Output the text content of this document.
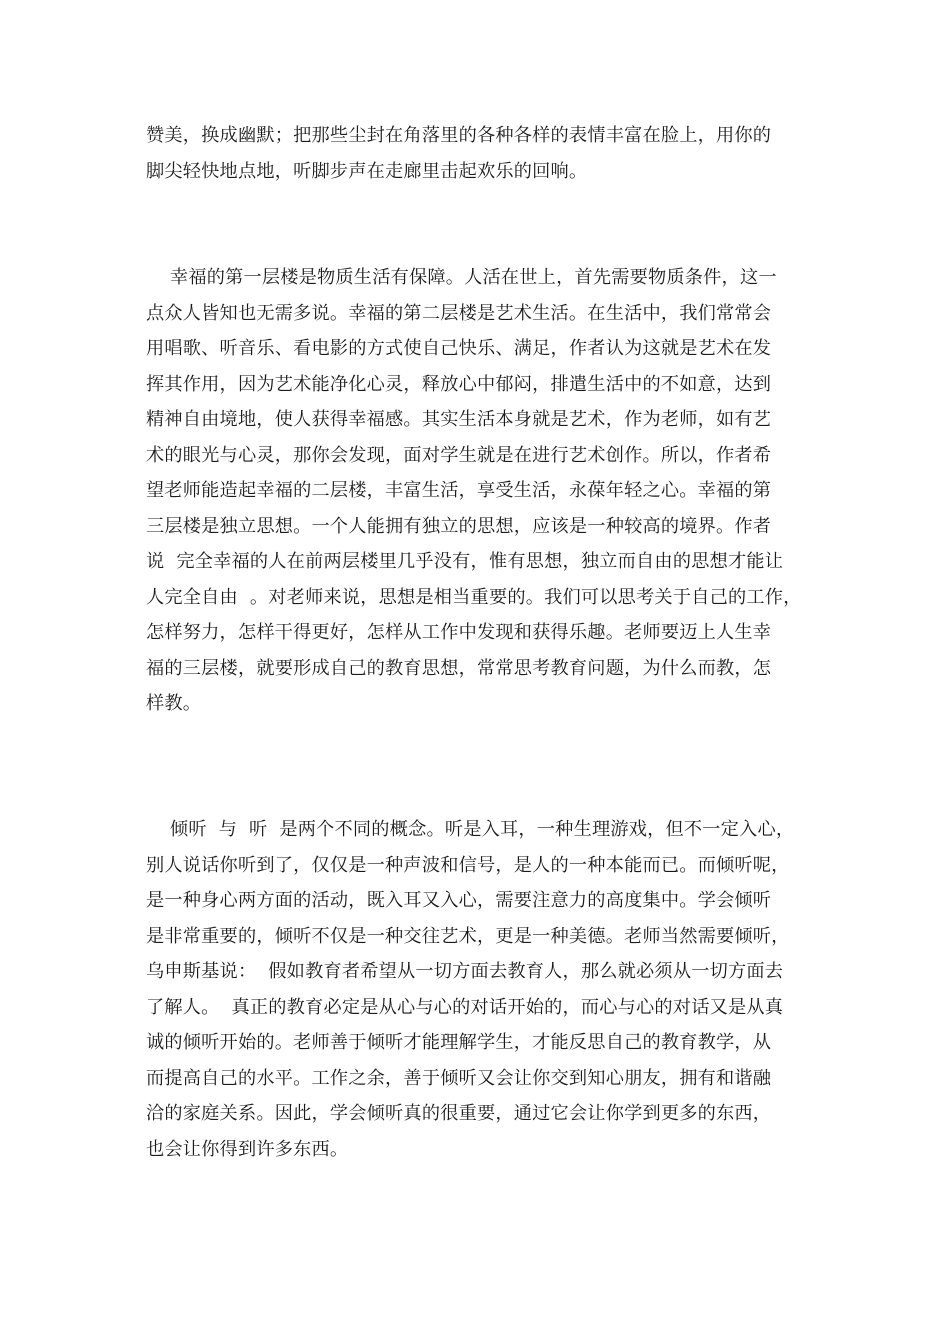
赞美，换成幽默；把那些尘封在角落里的各种各样的表情丰富在脸上，用你的
脚尖轻快地点地，听脚步声在走廊里击起欢乐的回响。

幸福的第一层楼是物质生活有保障。人活在世上，首先需要物质条件，这一
点众人皆知也无需多说。幸福的第二层楼是艺术生活。在生活中，我们常常会
用唱歌、听音乐、看电影的方式使自己快乐、满足，作者认为这就是艺术在发
挥其作用，因为艺术能净化心灵，释放心中郁闷，排遣生活中的不如意，达到
精神自由境地，使人获得幸福感。其实生活本身就是艺术，作为老师，如有艺
术的眼光与心灵，那你会发现，面对学生就是在进行艺术创作。所以，作者希
望老师能造起幸福的二层楼，丰富生活，享受生活，永葆年轻之心。幸福的第
三层楼是独立思想。一个人能拥有独立的思想，应该是一种较高的境界。作者
说  完全幸福的人在前两层楼里几乎没有，惟有思想，独立而自由的思想才能让
人完全自由  。对老师来说，思想是相当重要的。我们可以思考关于自己的工作，
怎样努力，怎样干得更好，怎样从工作中发现和获得乐趣。老师要迈上人生幸
福的三层楼，就要形成自己的教育思想，常常思考教育问题，为什么而教，怎
样教。

倾听  与  听  是两个不同的概念。听是入耳，一种生理游戏，但不一定入心，
别人说话你听到了，仅仅是一种声波和信号，是人的一种本能而已。而倾听呢，
是一种身心两方面的活动，既入耳又入心，需要注意力的高度集中。学会倾听
是非常重要的，倾听不仅是一种交往艺术，更是一种美德。老师当然需要倾听，
乌申斯基说：  假如教育者希望从一切方面去教育人，那么就必须从一切方面去
了解人。  真正的教育必定是从心与心的对话开始的，而心与心的对话又是从真
诚的倾听开始的。老师善于倾听才能理解学生，才能反思自己的教育教学，从
而提高自己的水平。工作之余，善于倾听又会让你交到知心朋友，拥有和谐融
洽的家庭关系。因此，学会倾听真的很重要，通过它会让你学到更多的东西，
也会让你得到许多东西。
